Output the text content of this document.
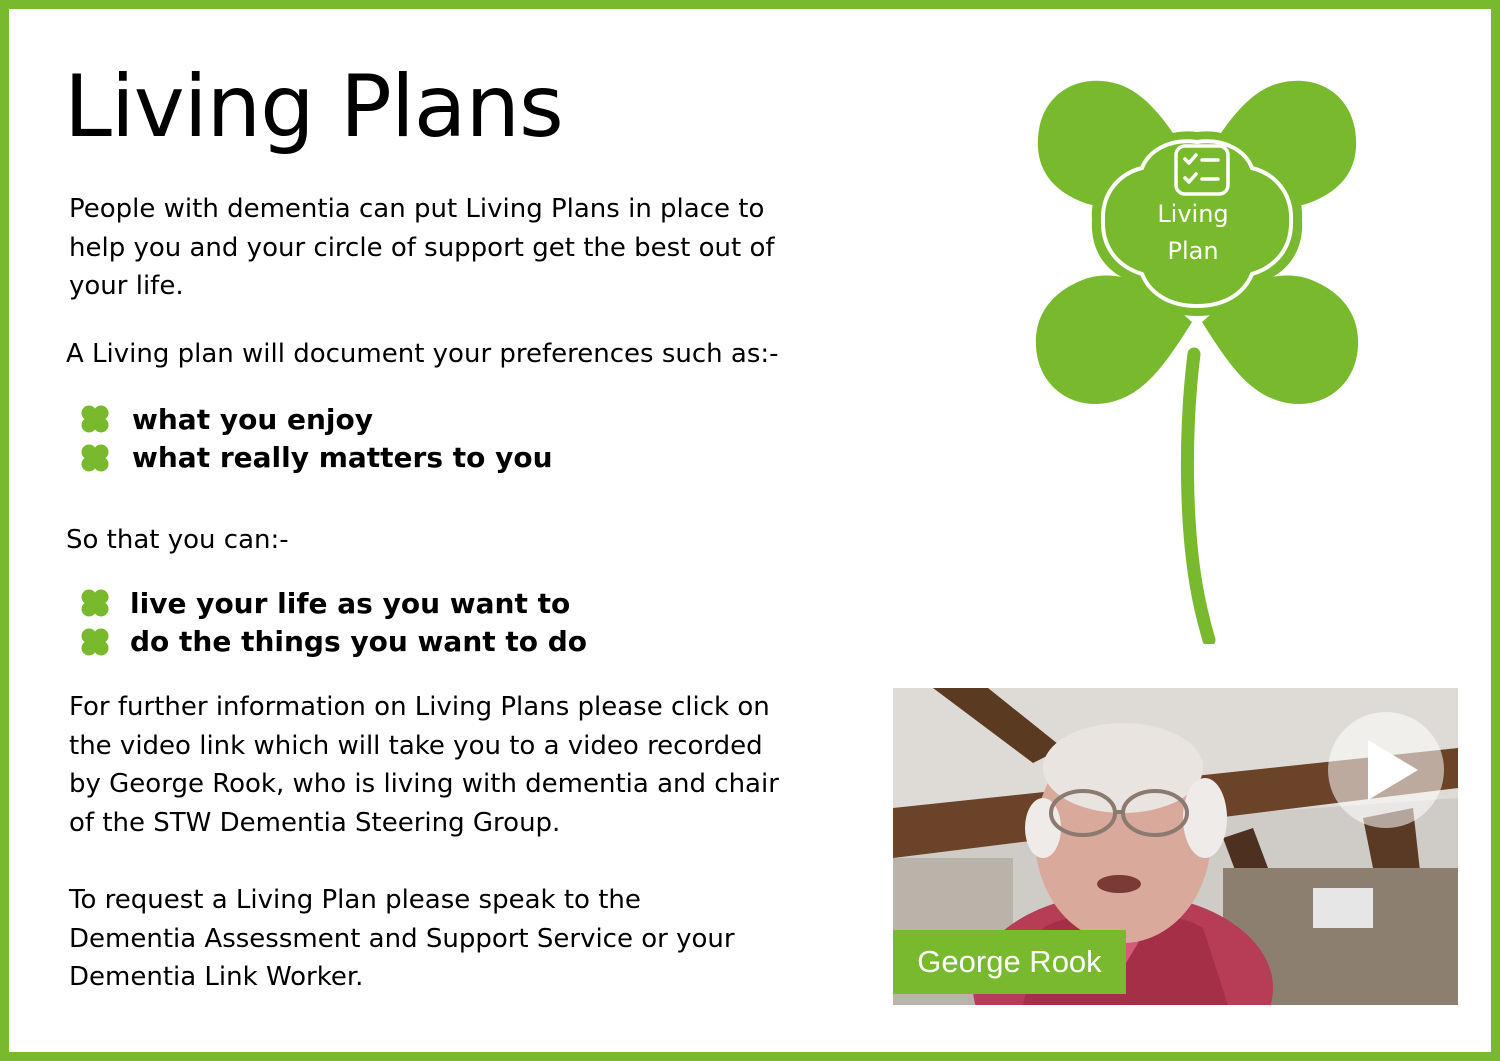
Living Plans

People with dementia can put Living Plans in place to
help you and your circle of support get the best out of
your life.

A Living plan will document your preferences such as:-

what you enjoy
what really matters to you

So that you can:-

live your life as you want to
do the things you want to do

For further information on Living Plans please click on
the video link which will take you to a video recorded
by George Rook, who is living with dementia and chair
of the STW Dementia Steering Group.

To request a Living Plan please speak to the
Dementia Assessment and Support Service or your
Dementia Link Worker.

Living
Plan
George Rook
